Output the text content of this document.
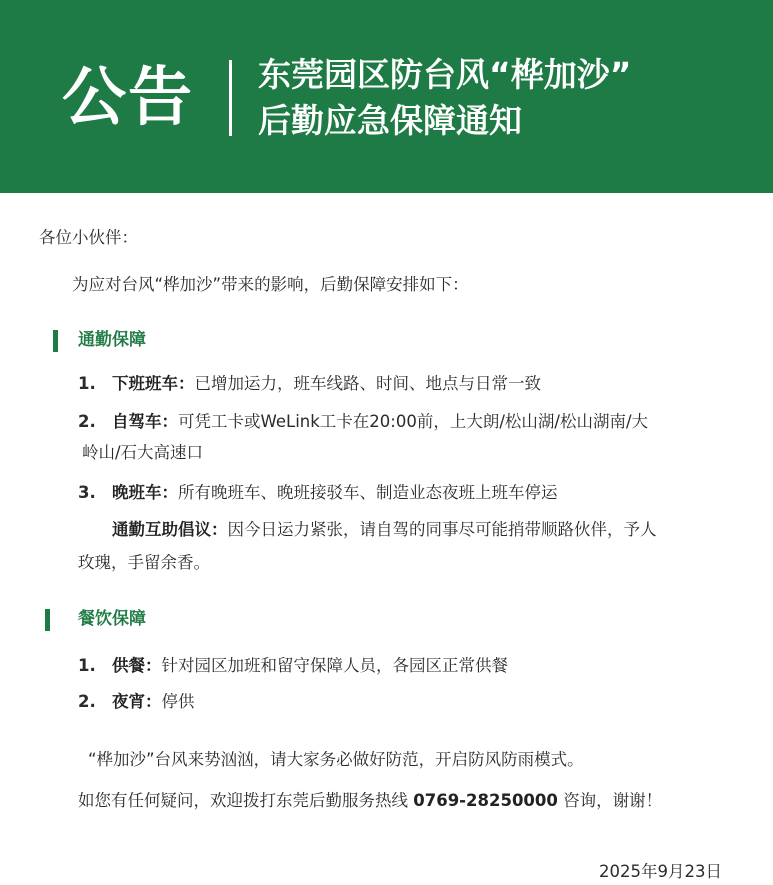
公告 东莞园区防台风“桦加沙”
后勤应急保障通知
各位小伙伴：
为应对台风“桦加沙”带来的影响，后勤保障安排如下：
通勤保障
1. 下班班车：已增加运力，班车线路、时间、地点与日常一致
2. 自驾车：可凭工卡或WeLink工卡在20:00前，上大朗/松山湖/松山湖南/大
岭山/石大高速口
3. 晚班车：所有晚班车、晚班接驳车、制造业态夜班上班车停运
通勤互助倡议：因今日运力紧张，请自驾的同事尽可能捎带顺路伙伴，予人
玫瑰，手留余香。
餐饮保障
1. 供餐：针对园区加班和留守保障人员，各园区正常供餐
2. 夜宵：停供
“桦加沙”台风来势汹汹，请大家务必做好防范，开启防风防雨模式。
如您有任何疑问，欢迎拨打东莞后勤服务热线 0769-28250000 咨询，谢谢！
2025年9月23日
